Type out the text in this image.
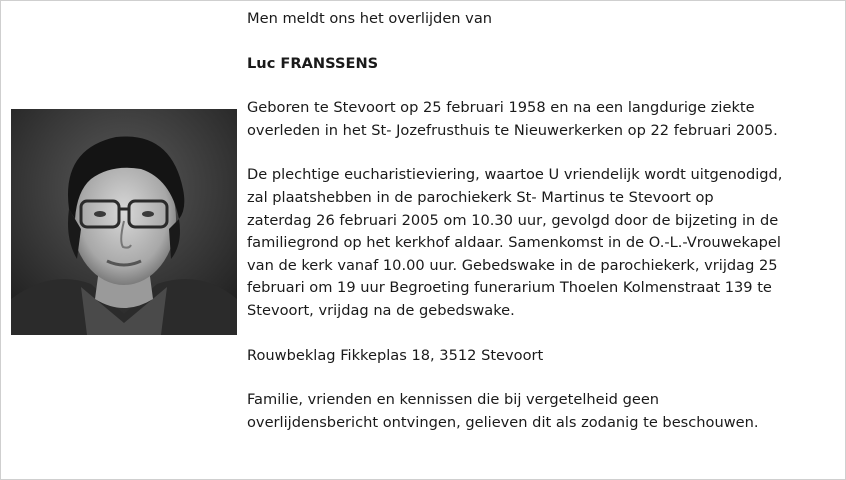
Men meldt ons het overlijden van
Luc FRANSSENS

Geboren te Stevoort op 25 februari 1958 en na een langdurige ziekte
overleden in het St- Jozefrusthuis te Nieuwerkerken op 22 februari 2005.

De plechtige eucharistieviering, waartoe U vriendelijk wordt uitgenodigd,
zal plaatshebben in de parochiekerk St- Martinus te Stevoort op
zaterdag 26 februari 2005 om 10.30 uur, gevolgd door de bijzeting in de
familiegrond op het kerkhof aldaar. Samenkomst in de O.-L.-Vrouwekapel
van de kerk vanaf 10.00 uur. Gebedswake in de parochiekerk, vrijdag 25
februari om 19 uur Begroeting funerarium Thoelen Kolmenstraat 139 te
Stevoort, vrijdag na de gebedswake.

Rouwbeklag Fikkeplas 18, 3512 Stevoort

Familie, vrienden en kennissen die bij vergetelheid geen
overlijdensbericht ontvingen, gelieven dit als zodanig te beschouwen.
